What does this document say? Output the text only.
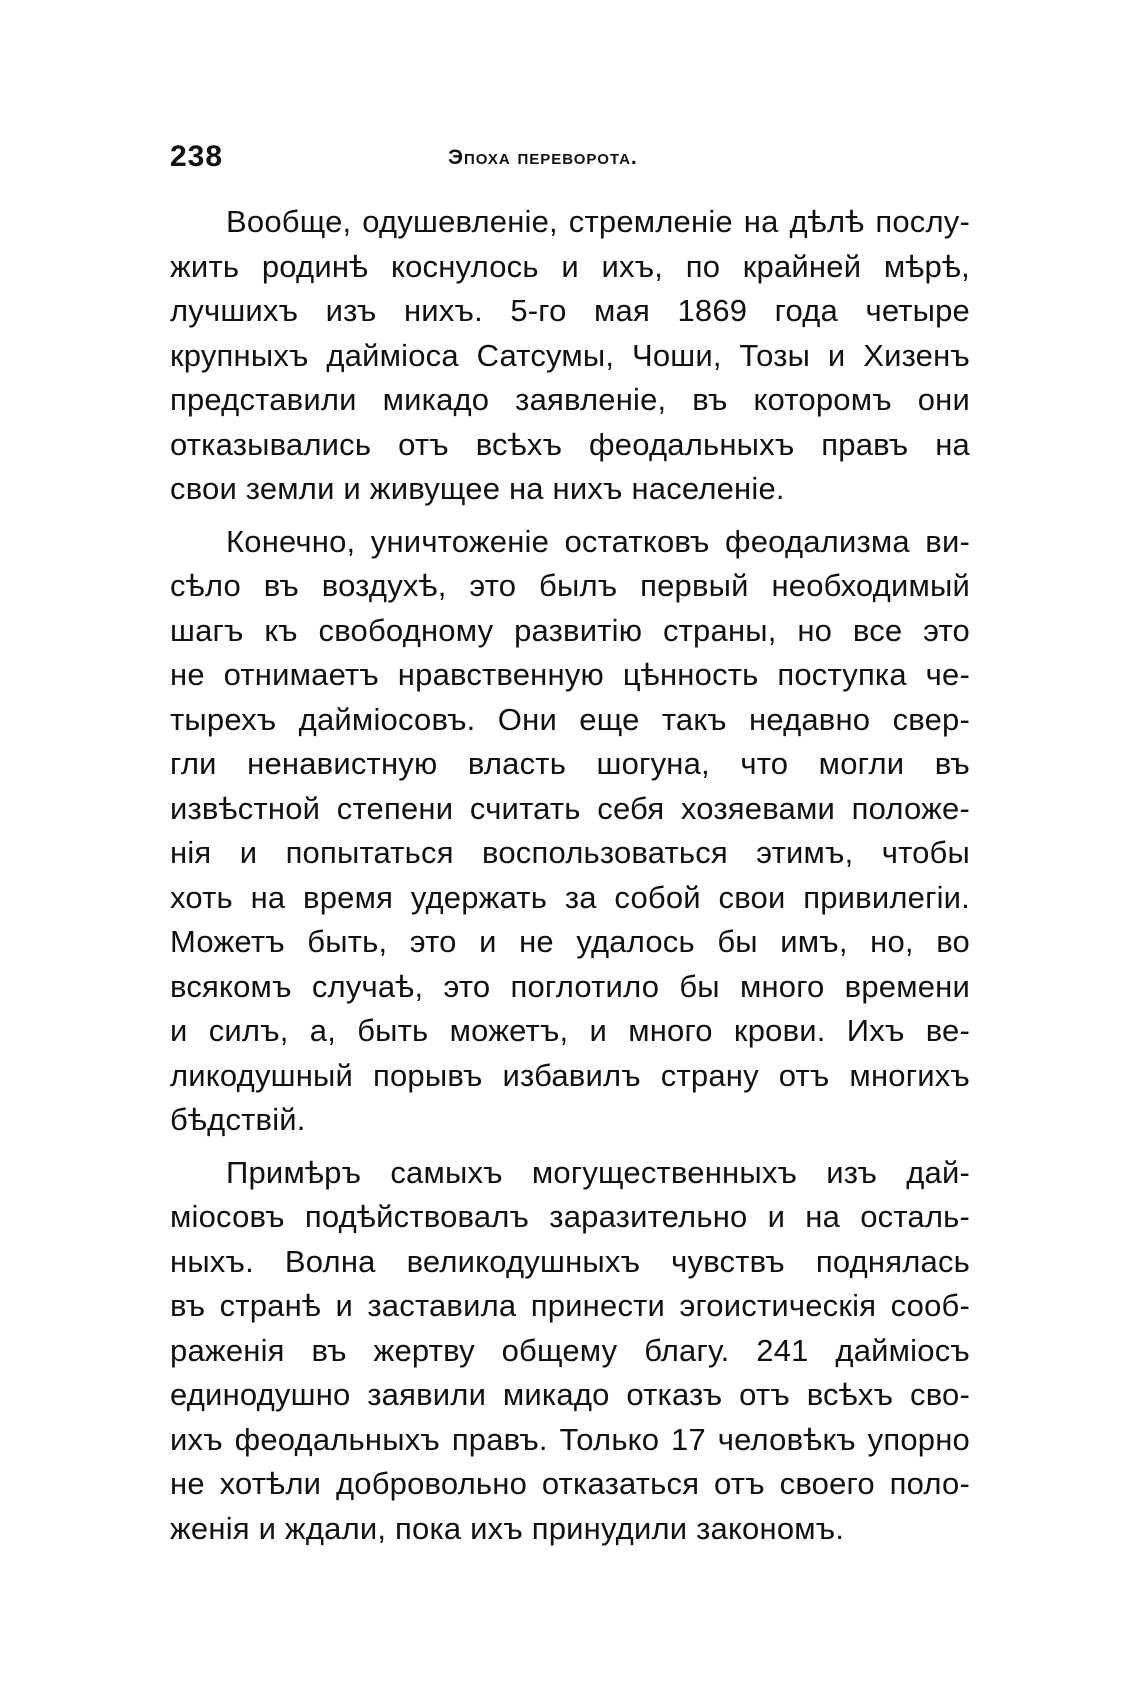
238	Эпоха переворота.
Вообще, одушевленіе, стремленіе на дѣлѣ послу-
жить родинѣ коснулось и ихъ, по крайней мѣрѣ,
лучшихъ изъ нихъ. 5-го мая 1869 года четыре
крупныхъ дайміоса Сатсумы, Чоши, Тозы и Хизенъ
представили микадо заявленіе, въ которомъ они
отказывались отъ всѣхъ феодальныхъ правъ на
свои земли и живущее на нихъ населеніе.
Конечно, уничтоженіе остатковъ феодализма ви-
сѣло въ воздухѣ, это былъ первый необходимый
шагъ къ свободному развитію страны, но все это
не отнимаетъ нравственную цѣнность поступка че-
тырехъ даймiосовъ. Они еще такъ недавно свер-
гли ненавистную власть шогуна, что могли въ
извѣстной степени считать себя хозяевами положе-
нія и попытаться воспользоваться этимъ, чтобы
хоть на время удержать за собой свои привилегіи.
Можетъ быть, это и не удалось бы имъ, но, во
всякомъ случаѣ, это поглотило бы много времени
и силъ, а, быть можетъ, и много крови. Ихъ ве-
ликодушный порывъ избавилъ страну отъ многихъ
бѣдствій.
Примѣръ самыхъ могущественныхъ изъ дай-
міосовъ подѣйствовалъ заразительно и на осталь-
ныхъ. Волна великодушныхъ чувствъ поднялась
въ странѣ и заставила принести эгоистическія сооб-
раженія въ жертву общему благу. 241 даймiосъ
единодушно заявили микадо отказъ отъ всѣхъ сво-
ихъ феодальныхъ правъ. Только 17 человѣкъ упорно
не хотѣли добровольно отказаться отъ своего поло-
женія и ждали, пока ихъ принудили закономъ.
